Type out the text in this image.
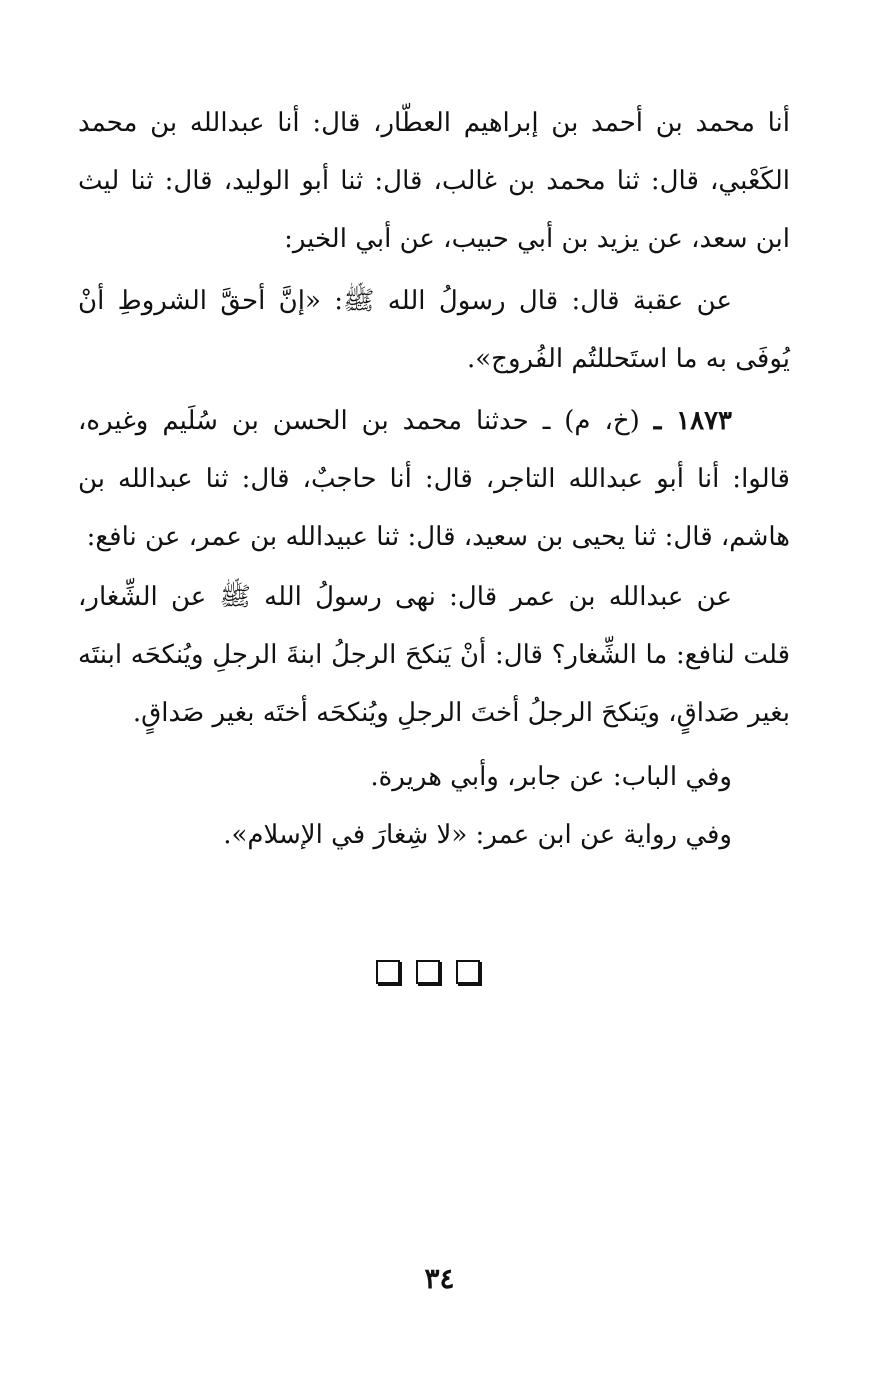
أنا محمد بن أحمد بن إبراهيم العطّار، قال: أنا عبدالله بن محمد الكَعْبي، قال: ثنا محمد بن غالب، قال: ثنا أبو الوليد، قال: ثنا ليث ابن سعد، عن يزيد بن أبي حبيب، عن أبي الخير:

عن عقبة قال: قال رسولُ الله ﷺ: «إنَّ أحقَّ الشروطِ أنْ يُوفَى به ما استَحللتُم الفُروج».

١٨٧٣ ـ (خ، م) ـ حدثنا محمد بن الحسن بن سُلَيم وغيره، قالوا: أنا أبو عبدالله التاجر، قال: أنا حاجبٌ، قال: ثنا عبدالله بن هاشم، قال: ثنا يحيى بن سعيد، قال: ثنا عبيدالله بن عمر، عن نافع:

عن عبدالله بن عمر قال: نهى رسولُ الله ﷺ عن الشِّغار، قلت لنافع: ما الشِّغار؟ قال: أنْ يَنكحَ الرجلُ ابنةَ الرجلِ ويُنكحَه ابنتَه بغير صَداقٍ، ويَنكحَ الرجلُ أختَ الرجلِ ويُنكحَه أختَه بغير صَداقٍ.

وفي الباب: عن جابر، وأبي هريرة.

وفي رواية عن ابن عمر: «لا شِغارَ في الإسلام».

٣٤
